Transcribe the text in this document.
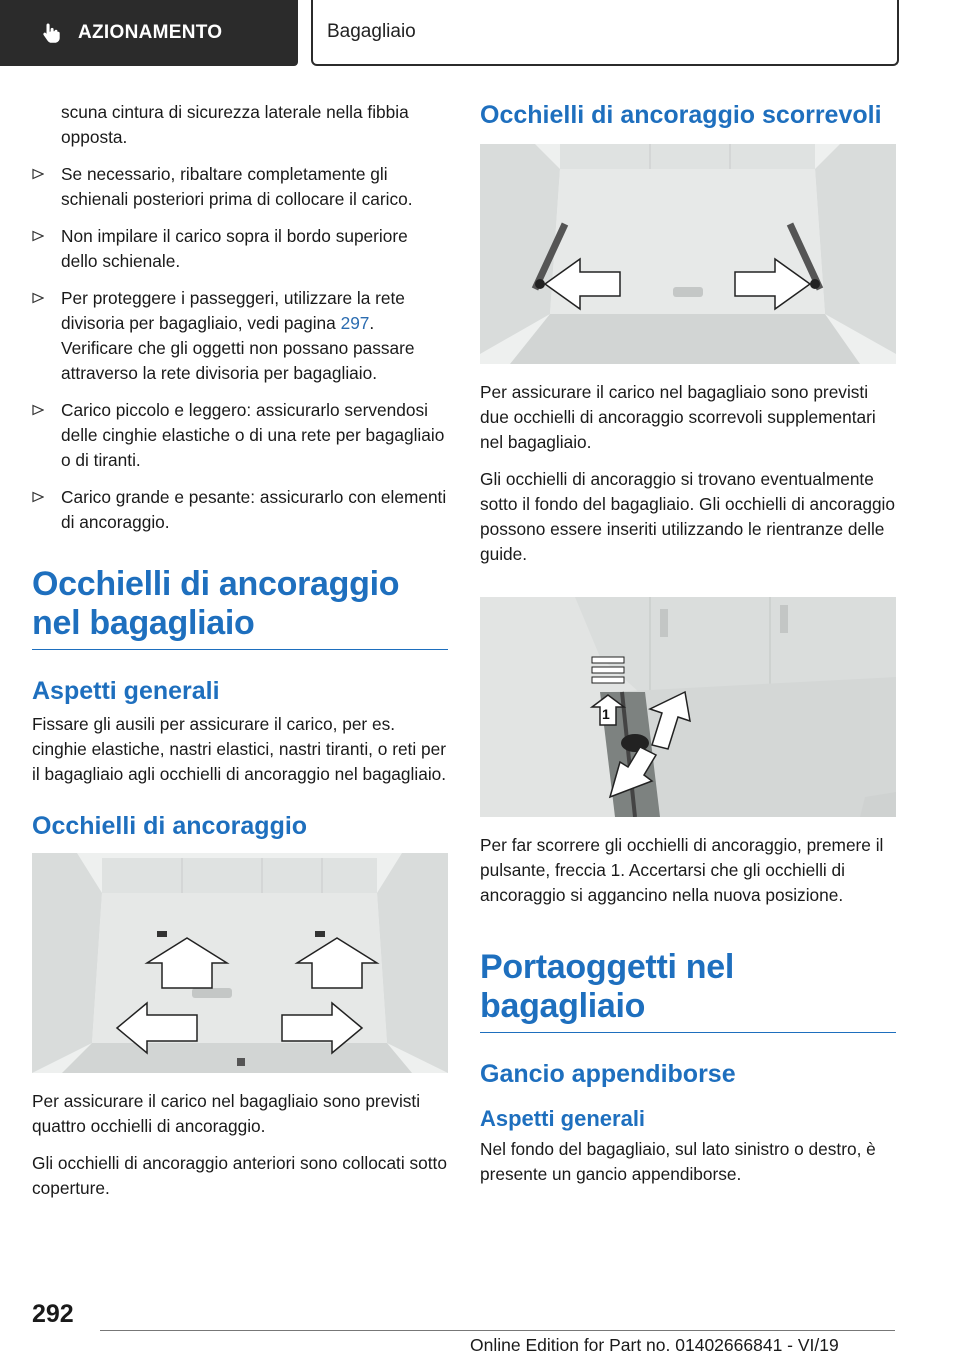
AZIONAMENTO	Bagagliaio

scuna cintura di sicurezza laterale nella fibbia opposta.

Se necessario, ribaltare completamente gli schienali posteriori prima di collocare il carico.
Non impilare il carico sopra il bordo superiore dello schienale.
Per proteggere i passeggeri, utilizzare la rete divisoria per bagagliaio, vedi pagina 297. Verificare che gli oggetti non possano passare attraverso la rete divisoria per bagagliaio.
Carico piccolo e leggero: assicurarlo servendosi delle cinghie elastiche o di una rete per bagagliaio o di tiranti.
Carico grande e pesante: assicurarlo con elementi di ancoraggio.
Occhielli di ancoraggio nel bagagliaio
Aspetti generali

Fissare gli ausili per assicurare il carico, per es. cinghie elastiche, nastri elastici, nastri tiranti, o reti per il bagagliaio agli occhielli di ancoraggio nel bagagliaio.

Occhielli di ancoraggio

Per assicurare il carico nel bagagliaio sono previsti quattro occhielli di ancoraggio.

Gli occhielli di ancoraggio anteriori sono collocati sotto coperture.

Occhielli di ancoraggio scorrevoli

Per assicurare il carico nel bagagliaio sono previsti due occhielli di ancoraggio scorrevoli supplementari nel bagagliaio.

Gli occhielli di ancoraggio si trovano eventualmente sotto il fondo del bagagliaio. Gli occhielli di ancoraggio possono essere inseriti utilizzando le rientranze delle guide.

1

Per far scorrere gli occhielli di ancoraggio, premere il pulsante, freccia 1. Accertarsi che gli occhielli di ancoraggio si aggancino nella nuova posizione.

Portaoggetti nel bagagliaio
Gancio appendiborse
Aspetti generali

Nel fondo del bagagliaio, sul lato sinistro o destro, è presente un gancio appendiborse.

292
Online Edition for Part no. 01402666841 - VI/19
